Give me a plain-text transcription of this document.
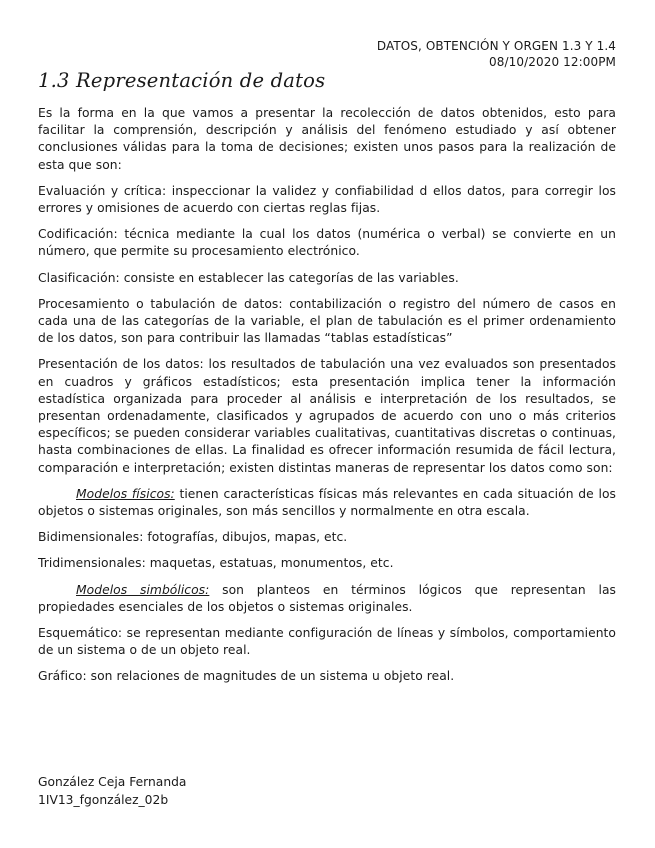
DATOS, OBTENCIÓN Y ORGEN 1.3 Y 1.4
08/10/2020 12:00PM
1.3 Representación de datos

Es la forma en la que vamos a presentar la recolección de datos obtenidos, esto para facilitar la comprensión, descripción y análisis del fenómeno estudiado y así obtener conclusiones válidas para la toma de decisiones; existen unos pasos para la realización de esta que son:

Evaluación y crítica: inspeccionar la validez y confiabilidad d ellos datos, para corregir los errores y omisiones de acuerdo con ciertas reglas fijas.

Codificación: técnica mediante la cual los datos (numérica o verbal) se convierte en un número, que permite su procesamiento electrónico.

Clasificación: consiste en establecer las categorías de las variables.

Procesamiento o tabulación de datos: contabilización o registro del número de casos en cada una de las categorías de la variable, el plan de tabulación es el primer ordenamiento de los datos, son para contribuir las llamadas “tablas estadísticas”

Presentación de los datos: los resultados de tabulación una vez evaluados son presentados en cuadros y gráficos estadísticos; esta presentación implica tener la información estadística organizada para proceder al análisis e interpretación de los resultados, se presentan ordenadamente, clasificados y agrupados de acuerdo con uno o más criterios específicos; se pueden considerar variables cualitativas, cuantitativas discretas o continuas, hasta combinaciones de ellas. La finalidad es ofrecer información resumida de fácil lectura, comparación e interpretación; existen distintas maneras de representar los datos como son:

Modelos físicos: tienen características físicas más relevantes en cada situación de los objetos o sistemas originales, son más sencillos y normalmente en otra escala.

Bidimensionales: fotografías, dibujos, mapas, etc.

Tridimensionales: maquetas, estatuas, monumentos, etc.

Modelos simbólicos: son planteos en términos lógicos que representan las propiedades esenciales de los objetos o sistemas originales.

Esquemático: se representan mediante configuración de líneas y símbolos, comportamiento de un sistema o de un objeto real.

Gráfico: son relaciones de magnitudes de un sistema u objeto real.

González Ceja Fernanda
1IV13_fgonzález_02b
